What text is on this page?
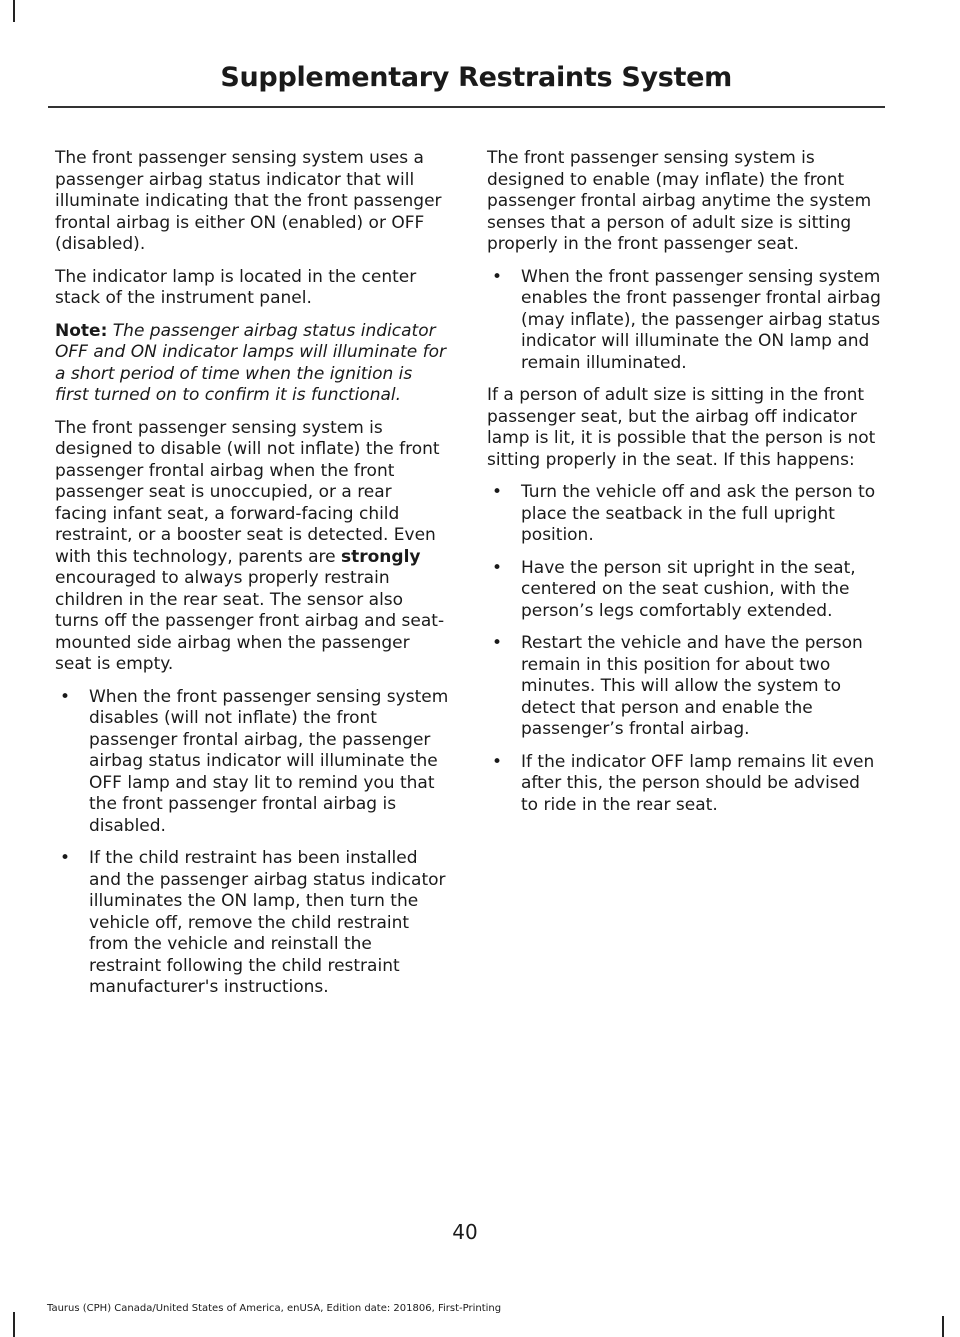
Supplementary Restraints System

The front passenger sensing system uses a passenger airbag status indicator that will illuminate indicating that the front passenger frontal airbag is either ON (enabled) or OFF (disabled).

The indicator lamp is located in the center stack of the instrument panel.

Note: The passenger airbag status indicator OFF and ON indicator lamps will illuminate for a short period of time when the ignition is first turned on to confirm it is functional.

The front passenger sensing system is designed to disable (will not inflate) the front passenger frontal airbag when the front passenger seat is unoccupied, or a rear facing infant seat, a forward-facing child restraint, or a booster seat is detected. Even with this technology, parents are strongly encouraged to always properly restrain children in the rear seat. The sensor also turns off the passenger front airbag and seat-mounted side airbag when the passenger seat is empty.

• When the front passenger sensing system disables (will not inflate) the front passenger frontal airbag, the passenger airbag status indicator will illuminate the OFF lamp and stay lit to remind you that the front passenger frontal airbag is disabled.
• If the child restraint has been installed and the passenger airbag status indicator illuminates the ON lamp, then turn the vehicle off, remove the child restraint from the vehicle and reinstall the restraint following the child restraint manufacturer's instructions.

The front passenger sensing system is designed to enable (may inflate) the front passenger frontal airbag anytime the system senses that a person of adult size is sitting properly in the front passenger seat.

• When the front passenger sensing system enables the front passenger frontal airbag (may inflate), the passenger airbag status indicator will illuminate the ON lamp and remain illuminated.

If a person of adult size is sitting in the front passenger seat, but the airbag off indicator lamp is lit, it is possible that the person is not sitting properly in the seat. If this happens:

• Turn the vehicle off and ask the person to place the seatback in the full upright position.
• Have the person sit upright in the seat, centered on the seat cushion, with the person’s legs comfortably extended.
• Restart the vehicle and have the person remain in this position for about two minutes. This will allow the system to detect that person and enable the passenger’s frontal airbag.
• If the indicator OFF lamp remains lit even after this, the person should be advised to ride in the rear seat.
40
Taurus (CPH) Canada/United States of America, enUSA, Edition date: 201806, First-Printing
